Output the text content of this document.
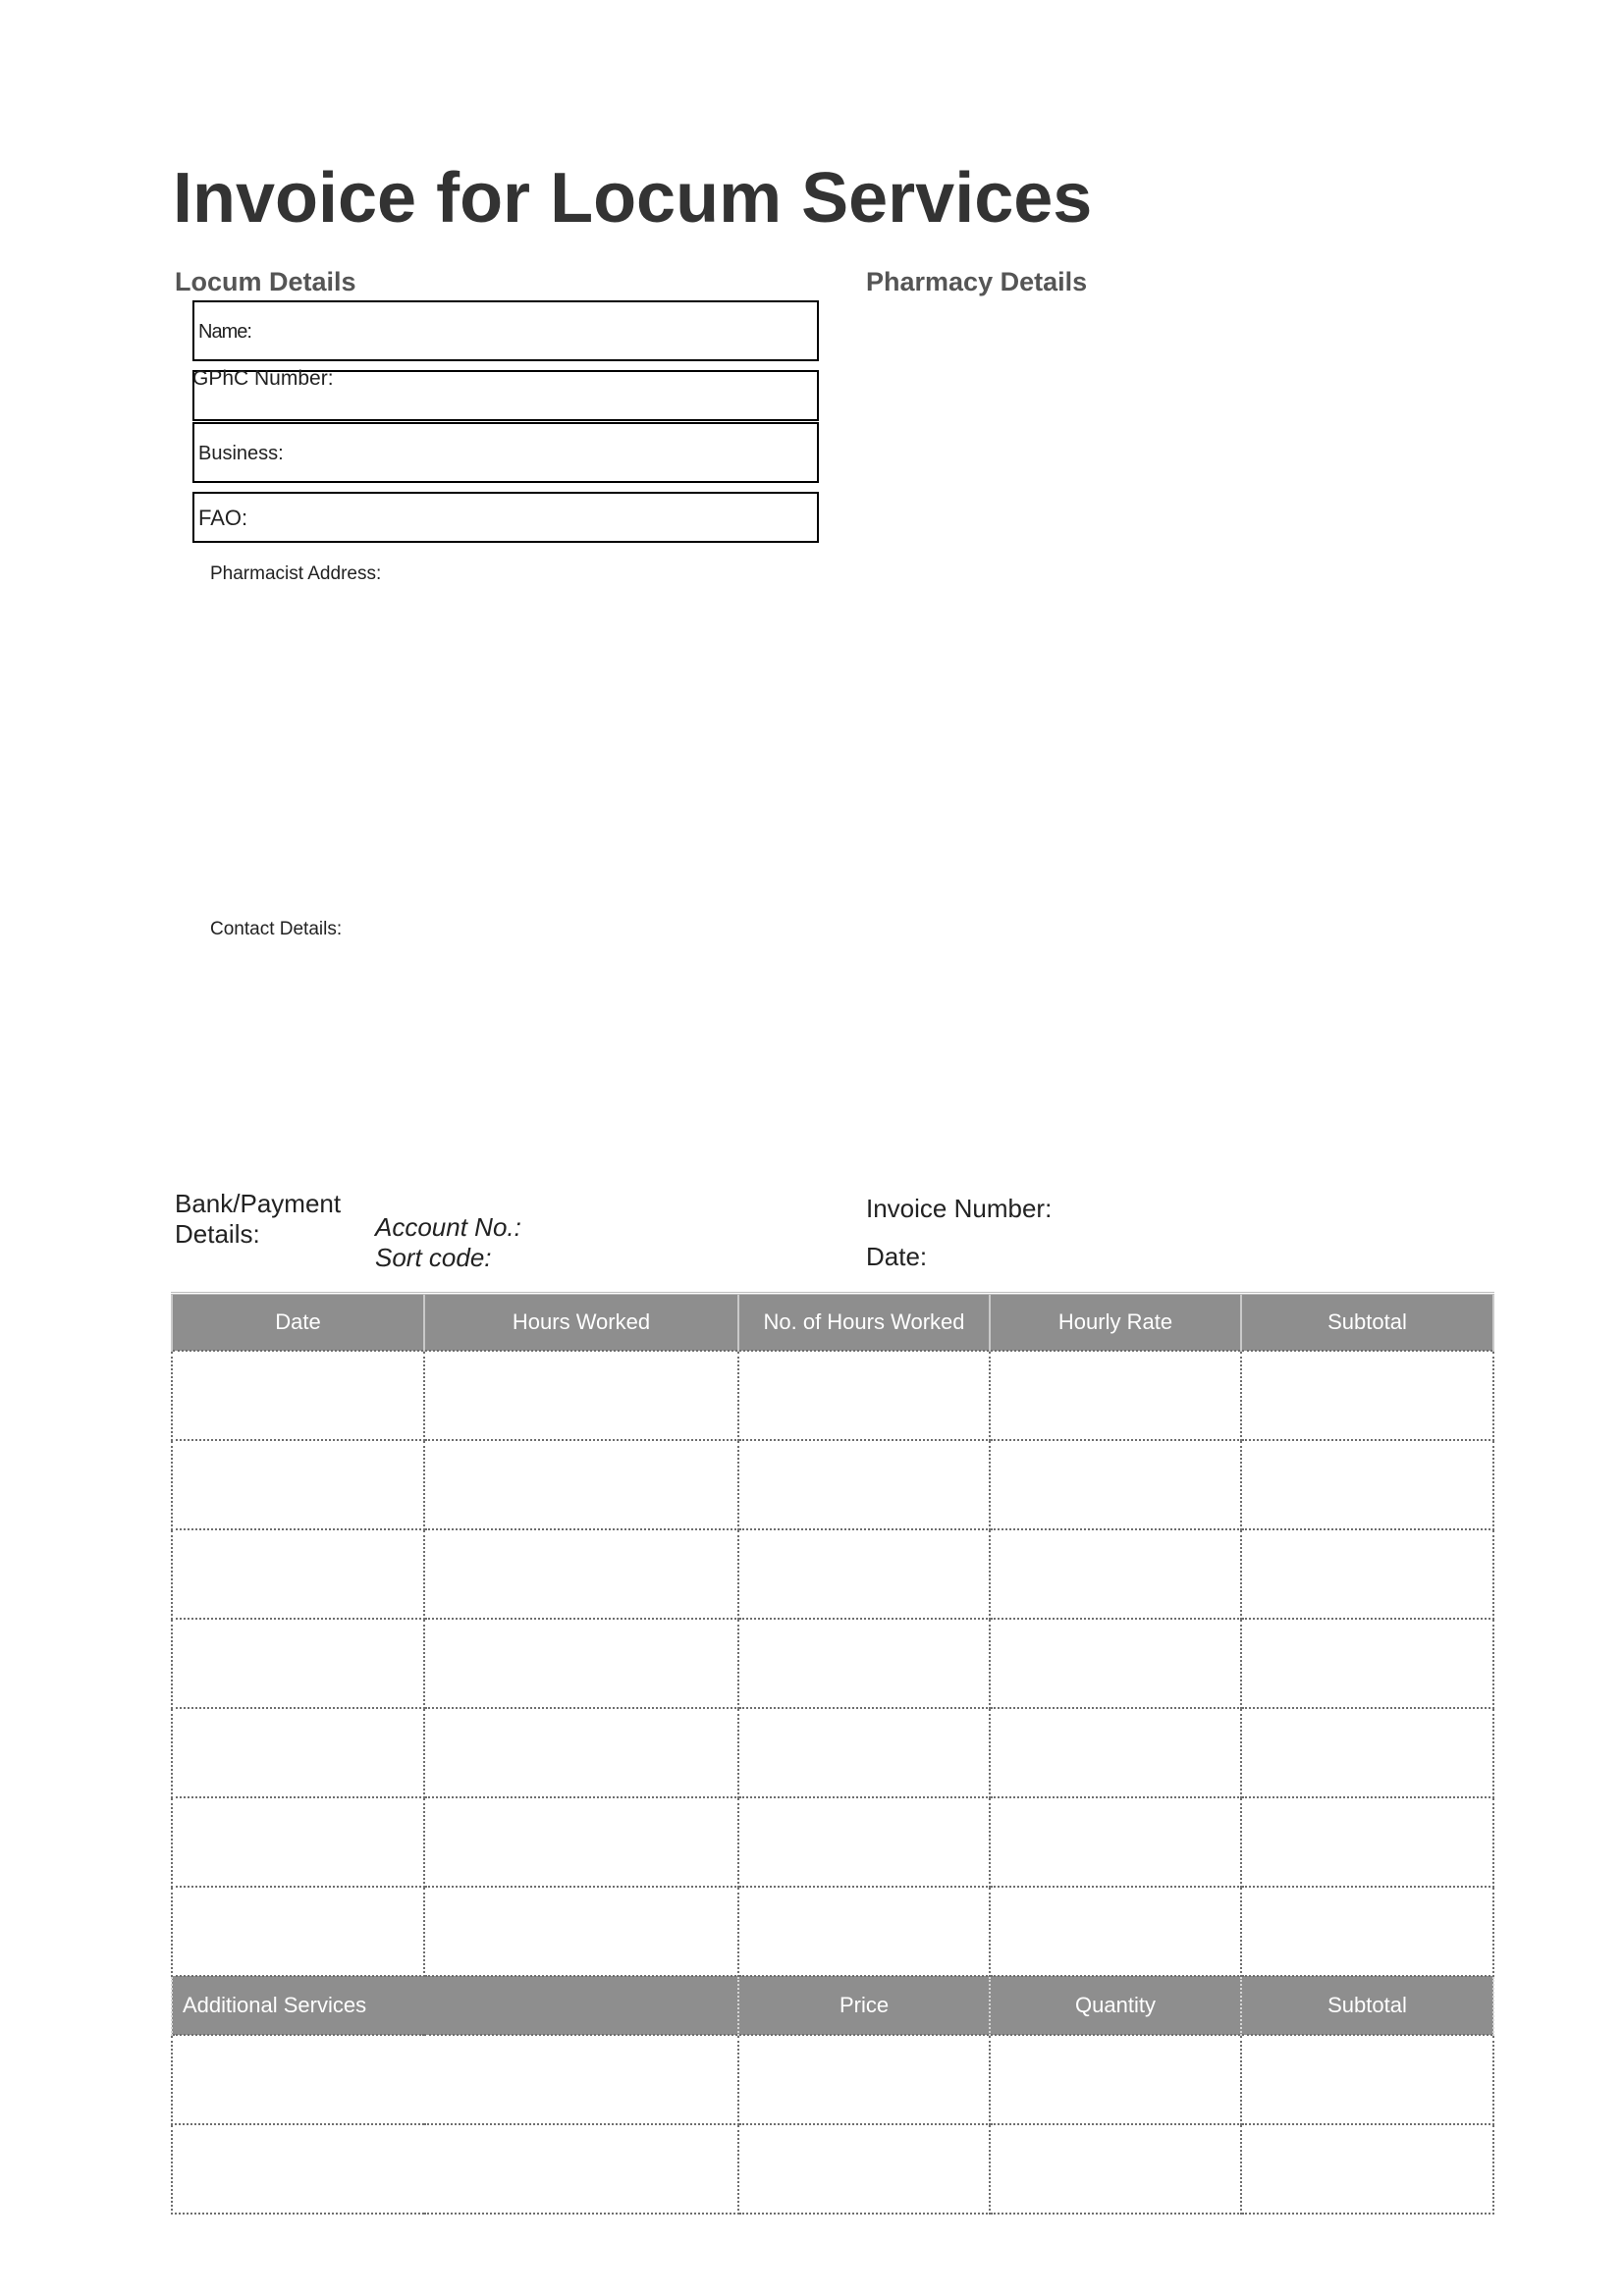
Invoice for Locum Services
Locum Details	Pharmacy Details
Name:
GPhC Number:
Business:
FAO:
Pharmacist Address:
Contact Details:
Bank/Payment
Details:	Account No.:
Sort code:
Invoice Number:
Date:
Date	Hours Worked	No. of Hours Worked	Hourly Rate	Subtotal

Additional Services		Price	Quantity	Subtotal
